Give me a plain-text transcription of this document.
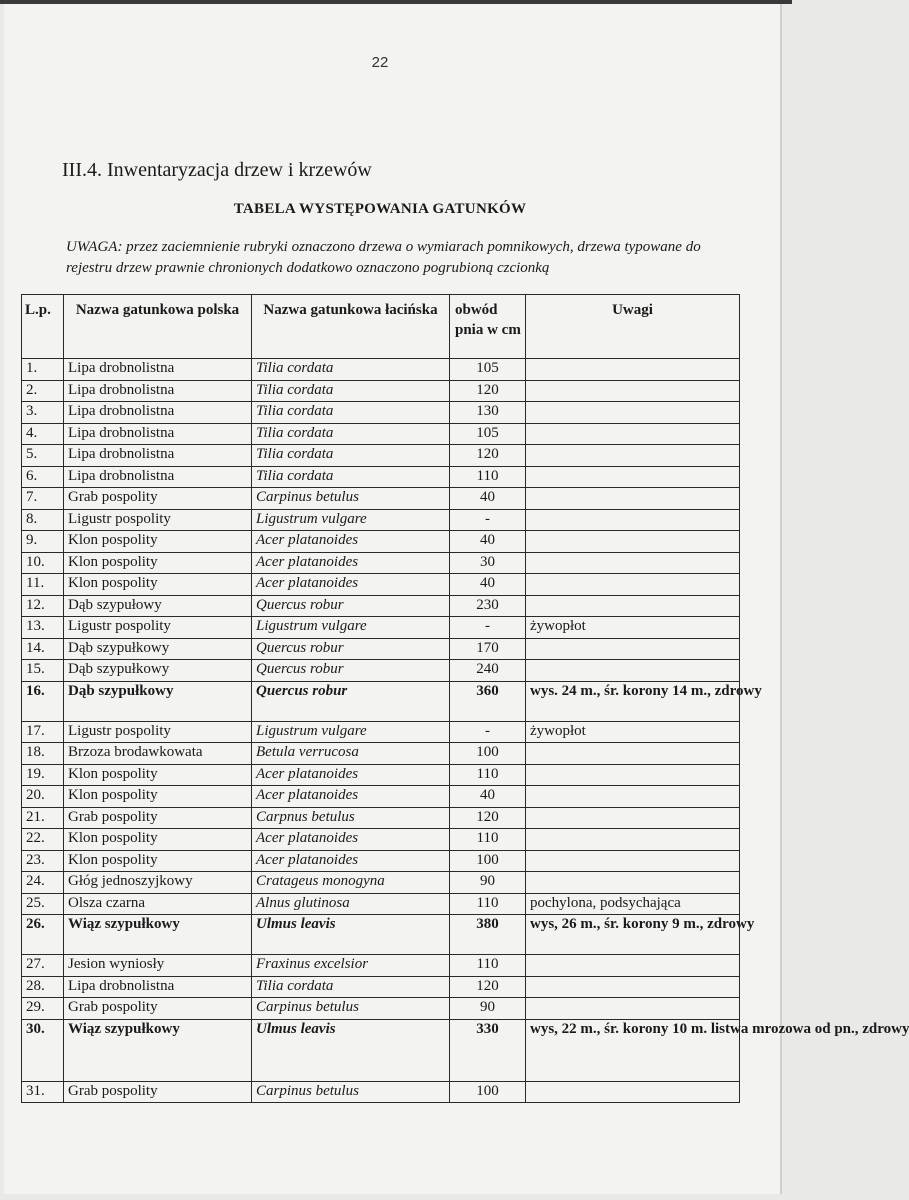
22
III.4. Inwentaryzacja drzew i krzewów
TABELA WYSTĘPOWANIA GATUNKÓW
UWAGA: przez zaciemnienie rubryki oznaczono drzewa o wymiarach pomnikowych, drzewa typowane do rejestru drzew prawnie chronionych dodatkowo oznaczono pogrubioną czcionką
L.p.	Nazwa gatunkowa polska	Nazwa gatunkowa łacińska	obwód pnia w cm	Uwagi
1.	Lipa drobnolistna	Tilia cordata	105	
2.	Lipa drobnolistna	Tilia cordata	120	
3.	Lipa drobnolistna	Tilia cordata	130	
4.	Lipa drobnolistna	Tilia cordata	105	
5.	Lipa drobnolistna	Tilia cordata	120	
6.	Lipa drobnolistna	Tilia cordata	110	
7.	Grab pospolity	Carpinus betulus	40	
8.	Ligustr pospolity	Ligustrum vulgare	-	
9.	Klon pospolity	Acer platanoides	40	
10.	Klon pospolity	Acer platanoides	30	
11.	Klon pospolity	Acer platanoides	40	
12.	Dąb szypułowy	Quercus robur	230	
13.	Ligustr pospolity	Ligustrum vulgare	-	żywopłot
14.	Dąb szypułkowy	Quercus robur	170	
15.	Dąb szypułkowy	Quercus robur	240	
16.	Dąb szypułkowy	Quercus robur	360	wys. 24 m., śr. korony 14 m., zdrowy
17.	Ligustr pospolity	Ligustrum vulgare	-	żywopłot
18.	Brzoza brodawkowata	Betula verrucosa	100	
19.	Klon pospolity	Acer platanoides	110	
20.	Klon pospolity	Acer platanoides	40	
21.	Grab pospolity	Carpnus betulus	120	
22.	Klon pospolity	Acer platanoides	110	
23.	Klon pospolity	Acer platanoides	100	
24.	Głóg jednoszyjkowy	Cratageus monogyna	90	
25.	Olsza czarna	Alnus glutinosa	110	pochylona, podsychająca
26.	Wiąz szypułkowy	Ulmus leavis	380	wys, 26 m., śr. korony 9 m., zdrowy
27.	Jesion wyniosły	Fraxinus excelsior	110	
28.	Lipa drobnolistna	Tilia cordata	120	
29.	Grab pospolity	Carpinus betulus	90	
30.	Wiąz szypułkowy	Ulmus leavis	330	wys, 22 m., śr. korony 10 m. listwa mrozowa od pn., zdrowy
31.	Grab pospolity	Carpinus betulus	100	
